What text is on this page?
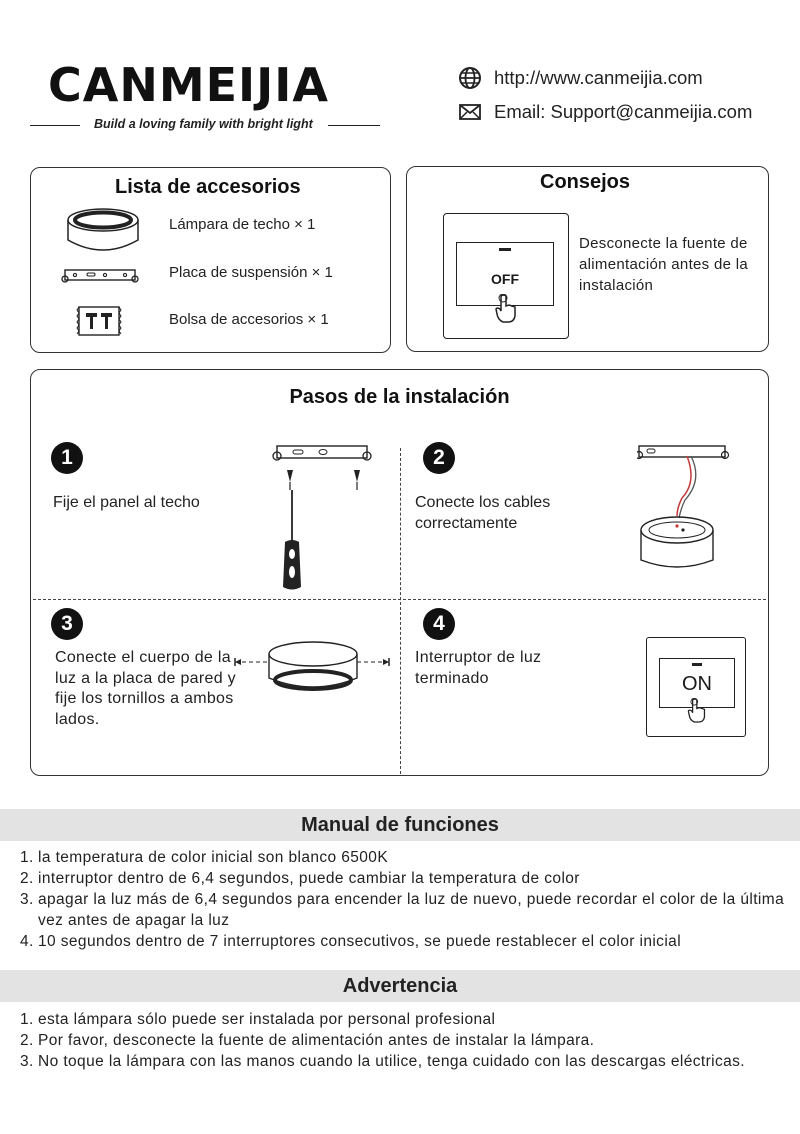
CANMEIJIA
Build a loving family with bright light
http://www.canmeijia.com
Email: Support@canmeijia.com
Lista de accesorios
Lámpara de techo × 1
Placa de suspensión × 1
Bolsa de accesorios × 1
Consejos
OFF
Desconecte la fuente de alimentación antes de la instalación
Pasos de la instalación
1
Fije el panel al techo
2
Conecte los cables correctamente
3
Conecte el cuerpo de la luz a la placa de pared y fije los tornillos a ambos lados.
4
Interruptor de luz terminado	ON
Manual de funciones
1. la temperatura de color inicial son blanco 6500K
2. interruptor dentro de 6,4 segundos, puede cambiar la temperatura de color
3. apagar la luz más de 6,4 segundos para encender la luz de nuevo, puede recordar el color de la última vez antes de apagar la luz
4. 10 segundos dentro de 7 interruptores consecutivos, se puede restablecer el color inicial
Advertencia
1. esta lámpara sólo puede ser instalada por personal profesional
2. Por favor, desconecte la fuente de alimentación antes de instalar la lámpara.
3. No toque la lámpara con las manos cuando la utilice, tenga cuidado con las descargas eléctricas.
